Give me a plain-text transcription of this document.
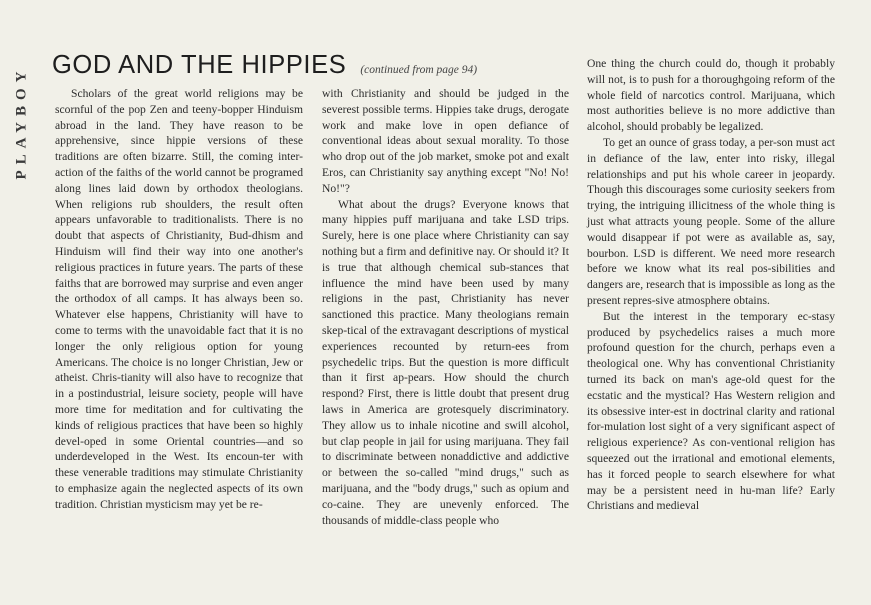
PLAYBOY
GOD AND THE HIPPIES (continued from page 94)

Scholars of the great world religions may be scornful of the pop Zen and teeny-bopper Hinduism abroad in the land. They have reason to be apprehensive, since hippie versions of these traditions are often bizarre. Still, the coming inter-action of the faiths of the world cannot be programed along lines laid down by orthodox theologians. When religions rub shoulders, the result often appears unfavorable to traditionalists. There is no doubt that aspects of Christianity, Bud-dhism and Hinduism will find their way into one another's religious practices in future years. The parts of these faiths that are borrowed may surprise and even anger the orthodox of all camps. It has always been so. Whatever else happens, Christianity will have to come to terms with the unavoidable fact that it is no longer the only religious option for young Americans. The choice is no longer Christian, Jew or atheist. Chris-tianity will also have to recognize that in a postindustrial, leisure society, people will have more time for meditation and for cultivating the kinds of religious practices that have been so highly devel-oped in some Oriental countries—and so underdeveloped in the West. Its encoun-ter with these venerable traditions may stimulate Christianity to emphasize again the neglected aspects of its own tradition. Christian mysticism may yet be re-

with Christianity and should be judged in the severest possible terms. Hippies take drugs, derogate work and make love in open defiance of conventional ideas about sexual morality. To those who drop out of the job market, smoke pot and exalt Eros, can Christianity say anything except "No! No! No!"?

What about the drugs? Everyone knows that many hippies puff marijuana and take LSD trips. Surely, here is one place where Christianity can say nothing but a firm and definitive nay. Or should it? It is true that although chemical sub-stances that influence the mind have been used by many religions in the past, Christianity has never sanctioned this practice. Many theologians remain skep-tical of the extravagant descriptions of mystical experiences recounted by return-ees from psychedelic trips. But the question is more difficult than it first ap-pears. How should the church respond? First, there is little doubt that present drug laws in America are grotesquely discriminatory. They allow us to inhale nicotine and swill alcohol, but clap people in jail for using marijuana. They fail to discriminate between nonaddictive and addictive or between the so-called "mind drugs," such as marijuana, and the "body drugs," such as opium and co-caine. They are unevenly enforced. The thousands of middle-class people who

One thing the church could do, though it probably will not, is to push for a thoroughgoing reform of the whole field of narcotics control. Marijuana, which most authorities believe is no more addictive than alcohol, should probably be legalized.

To get an ounce of grass today, a per-son must act in defiance of the law, enter into risky, illegal relationships and put his whole career in jeopardy. Though this discourages some curiosity seekers from trying, the intriguing illicitness of the whole thing is just what attracts young people. Some of the allure would disappear if pot were as available as, say, bourbon. LSD is different. We need more research before we know what its real pos-sibilities and dangers are, research that is impossible as long as the present repres-sive atmosphere obtains.

But the interest in the temporary ec-stasy produced by psychedelics raises a much more profound question for the church, perhaps even a theological one. Why has conventional Christianity turned its back on man's age-old quest for the ecstatic and the mystical? Has Western religion and its obsessive inter-est in doctrinal clarity and rational for-mulation lost sight of a very significant aspect of religious experience? As con-ventional religion has squeezed out the irrational and emotional elements, has it forced people to search elsewhere for what may be a persistent need in hu-man life? Early Christians and medieval
